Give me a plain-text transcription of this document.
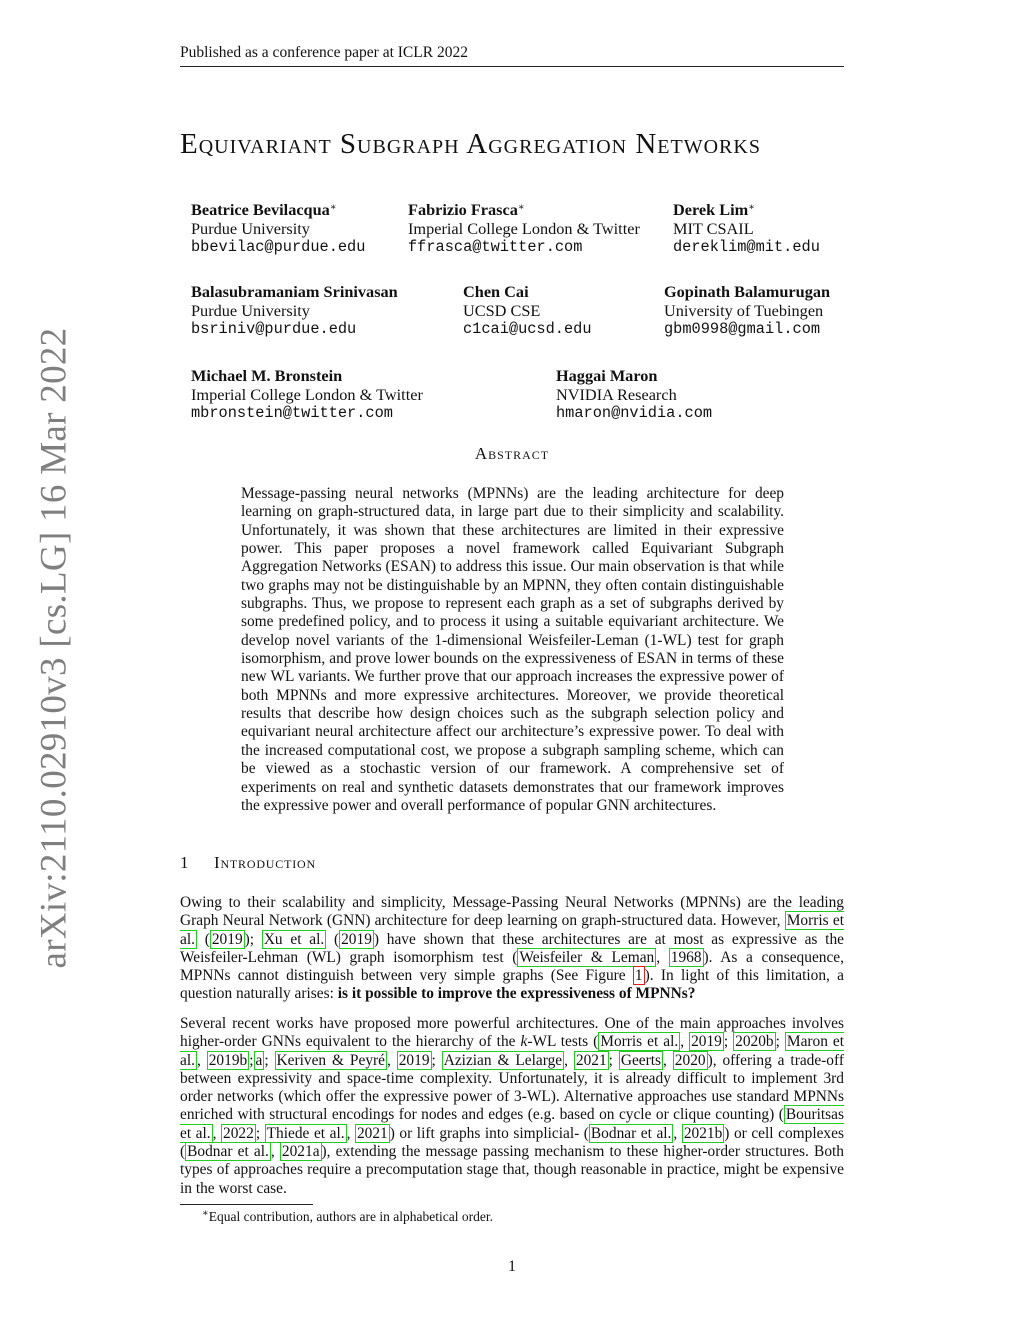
Published as a conference paper at ICLR 2022
arXiv:2110.02910v3 [cs.LG] 16 Mar 2022
Equivariant Subgraph Aggregation Networks
Beatrice Bevilacqua∗
Purdue University
bbevilac@purdue.edu
Fabrizio Frasca∗
Imperial College London & Twitter
ffrasca@twitter.com
Derek Lim∗
MIT CSAIL
dereklim@mit.edu
Balasubramaniam Srinivasan
Purdue University
bsriniv@purdue.edu
Chen Cai
UCSD CSE
c1cai@ucsd.edu
Gopinath Balamurugan
University of Tuebingen
gbm0998@gmail.com
Michael M. Bronstein
Imperial College London & Twitter
mbronstein@twitter.com
Haggai Maron
NVIDIA Research
hmaron@nvidia.com
Abstract

Message-passing neural networks (MPNNs) are the leading architecture for deep learning on graph-structured data, in large part due to their simplicity and scalability. Unfortunately, it was shown that these architectures are limited in their expressive power. This paper proposes a novel framework called Equivariant Subgraph Aggregation Networks (ESAN) to address this issue. Our main observation is that while two graphs may not be distinguishable by an MPNN, they often contain distinguishable subgraphs. Thus, we propose to represent each graph as a set of subgraphs derived by some predefined policy, and to process it using a suitable equivariant architecture. We develop novel variants of the 1-dimensional Weisfeiler-Leman (1-WL) test for graph isomorphism, and prove lower bounds on the expressiveness of ESAN in terms of these new WL variants. We further prove that our approach increases the expressive power of both MPNNs and more expressive architectures. Moreover, we provide theoretical results that describe how design choices such as the subgraph selection policy and equivariant neural architecture affect our architecture’s expressive power. To deal with the increased computational cost, we propose a subgraph sampling scheme, which can be viewed as a stochastic version of our framework. A comprehensive set of experiments on real and synthetic datasets demonstrates that our framework improves the expressive power and overall performance of popular GNN architectures.

1 Introduction

Owing to their scalability and simplicity, Message-Passing Neural Networks (MPNNs) are the leading Graph Neural Network (GNN) architecture for deep learning on graph-structured data. However, Morris et al. ( 2019 ); Xu et al. ( 2019 ) have shown that these architectures are at most as expressive as the Weisfeiler-Lehman (WL) graph isomorphism test ( Weisfeiler & Leman , 1968 ). As a consequence, MPNNs cannot distinguish between very simple graphs (See Figure 1 ). In light of this limitation, a question naturally arises: is it possible to improve the expressiveness of MPNNs?

Several recent works have proposed more powerful architectures. One of the main approaches involves higher-order GNNs equivalent to the hierarchy of the k-WL tests ( Morris et al. , 2019 ; 2020b ; Maron et al. , 2019b ; a ; Keriven & Peyré , 2019 ; Azizian & Lelarge , 2021 ; Geerts , 2020 ), offering a trade-off between expressivity and space-time complexity. Unfortunately, it is already difficult to implement 3rd order networks (which offer the expressive power of 3-WL). Alternative approaches use standard MPNNs enriched with structural encodings for nodes and edges (e.g. based on cycle or clique counting) ( Bouritsas et al. , 2022 ; Thiede et al. , 2021 ) or lift graphs into simplicial- ( Bodnar et al. , 2021b ) or cell complexes ( Bodnar et al. , 2021a ), extending the message passing mechanism to these higher-order structures. Both types of approaches require a precomputation stage that, though reasonable in practice, might be expensive in the worst case.

∗Equal contribution, authors are in alphabetical order.
1
